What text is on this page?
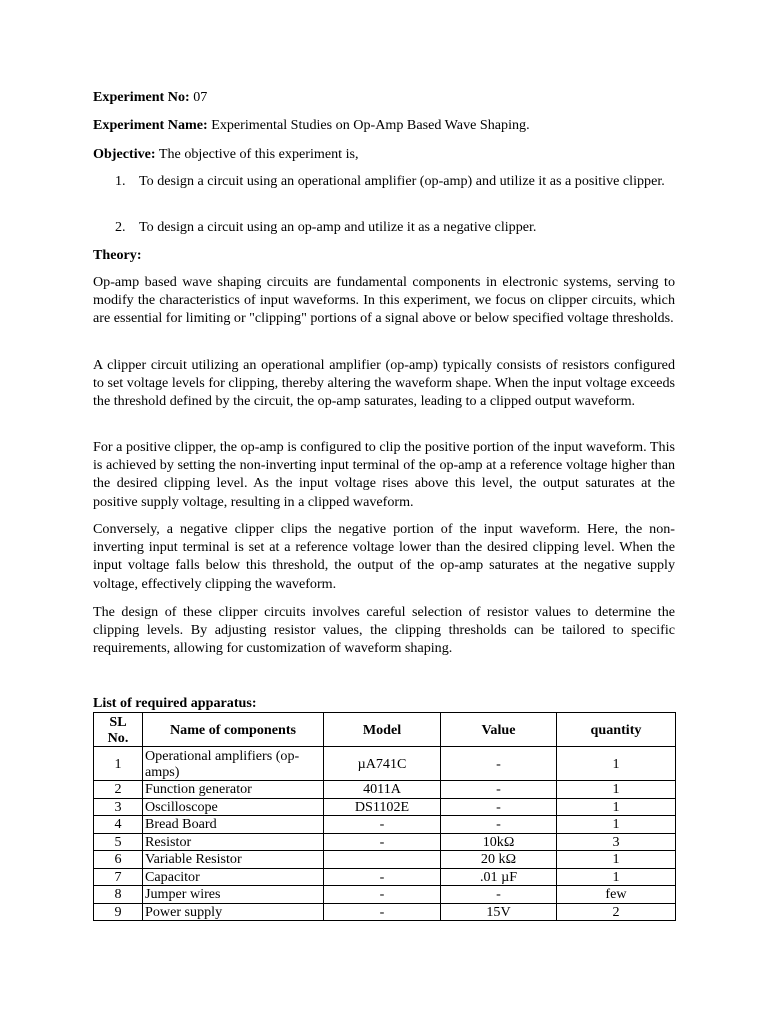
Experiment No: 07
Experiment Name: Experimental Studies on Op-Amp Based Wave Shaping.
Objective: The objective of this experiment is,
1. To design a circuit using an operational amplifier (op-amp) and utilize it as a positive clipper.
2. To design a circuit using an op-amp and utilize it as a negative clipper.
Theory:
Op-amp based wave shaping circuits are fundamental components in electronic systems, serving to modify the characteristics of input waveforms. In this experiment, we focus on clipper circuits, which are essential for limiting or "clipping" portions of a signal above or below specified voltage thresholds.
A clipper circuit utilizing an operational amplifier (op-amp) typically consists of resistors configured to set voltage levels for clipping, thereby altering the waveform shape. When the input voltage exceeds the threshold defined by the circuit, the op-amp saturates, leading to a clipped output waveform.
For a positive clipper, the op-amp is configured to clip the positive portion of the input waveform. This is achieved by setting the non-inverting input terminal of the op-amp at a reference voltage higher than the desired clipping level. As the input voltage rises above this level, the output saturates at the positive supply voltage, resulting in a clipped waveform.
Conversely, a negative clipper clips the negative portion of the input waveform. Here, the non-inverting input terminal is set at a reference voltage lower than the desired clipping level. When the input voltage falls below this threshold, the output of the op-amp saturates at the negative supply voltage, effectively clipping the waveform.
The design of these clipper circuits involves careful selection of resistor values to determine the clipping levels. By adjusting resistor values, the clipping thresholds can be tailored to specific requirements, allowing for customization of waveform shaping.
List of required apparatus:
SL No.	Name of components	Model	Value	quantity
1	Operational amplifiers (op-amps)	µA741C	-	1
2	Function generator	4011A	-	1
3	Oscilloscope	DS1102E	-	1
4	Bread Board	-	-	1
5	Resistor	-	10kΩ	3
6	Variable Resistor		20 kΩ	1
7	Capacitor	-	.01 µF	1
8	Jumper wires	-	-	few
9	Power supply	-	15V	2
